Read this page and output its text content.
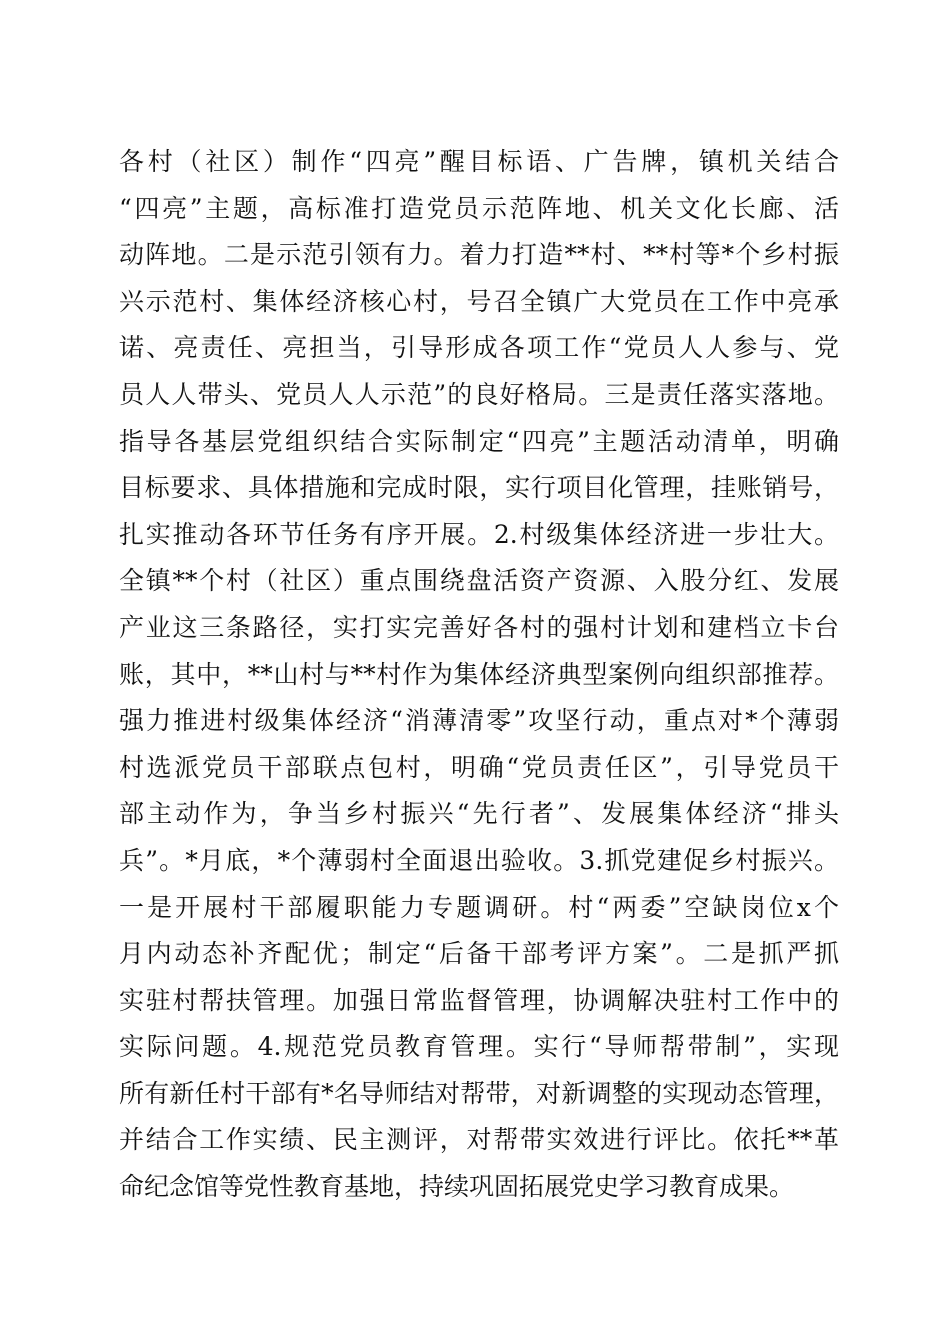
各村（社区）制作“四亮”醒目标语、广告牌，镇机关结合
“四亮”主题，高标准打造党员示范阵地、机关文化长廊、活
动阵地。二是示范引领有力。着力打造**村、**村等*个乡村振
兴示范村、集体经济核心村，号召全镇广大党员在工作中亮承
诺、亮责任、亮担当，引导形成各项工作“党员人人参与、党
员人人带头、党员人人示范”的良好格局。三是责任落实落地。
指导各基层党组织结合实际制定“四亮”主题活动清单，明确
目标要求、具体措施和完成时限，实行项目化管理，挂账销号，
扎实推动各环节任务有序开展。2.村级集体经济进一步壮大。
全镇**个村（社区）重点围绕盘活资产资源、入股分红、发展
产业这三条路径，实打实完善好各村的强村计划和建档立卡台
账，其中，**山村与**村作为集体经济典型案例向组织部推荐。
强力推进村级集体经济“消薄清零”攻坚行动，重点对*个薄弱
村选派党员干部联点包村，明确“党员责任区”，引导党员干
部主动作为，争当乡村振兴“先行者”、发展集体经济“排头
兵”。*月底，*个薄弱村全面退出验收。3.抓党建促乡村振兴。
一是开展村干部履职能力专题调研。村“两委”空缺岗位x个
月内动态补齐配优；制定“后备干部考评方案”。二是抓严抓
实驻村帮扶管理。加强日常监督管理，协调解决驻村工作中的
实际问题。4.规范党员教育管理。实行“导师帮带制”，实现
所有新任村干部有*名导师结对帮带，对新调整的实现动态管理，
并结合工作实绩、民主测评，对帮带实效进行评比。依托**革
命纪念馆等党性教育基地，持续巩固拓展党史学习教育成果。
